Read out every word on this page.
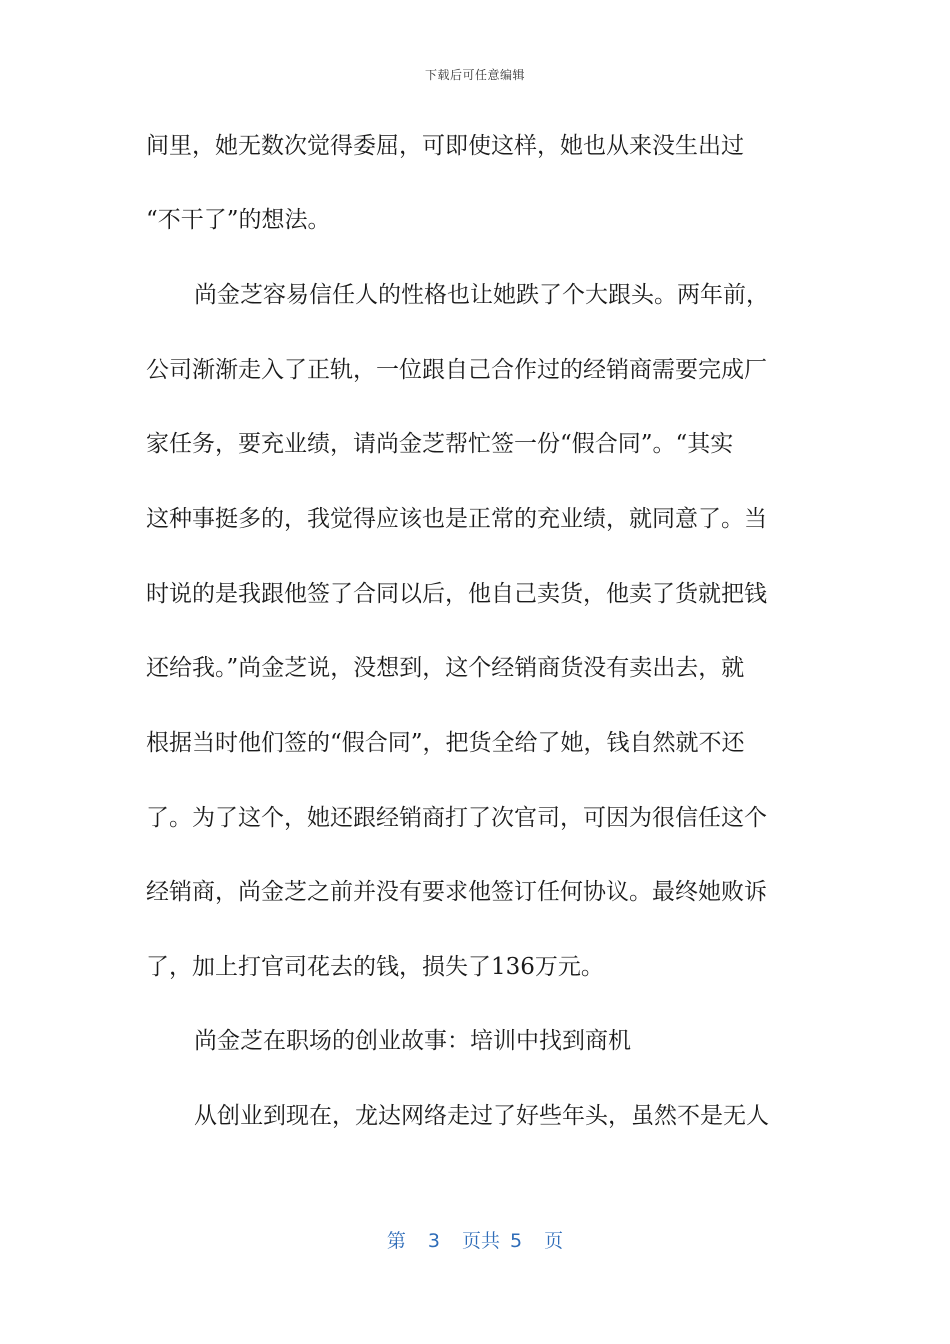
下载后可任意编辑
间里，她无数次觉得委屈，可即使这样，她也从来没生出过
“不干了”的想法。
尚金芝容易信任人的性格也让她跌了个大跟头。两年前，
公司渐渐走入了正轨，一位跟自己合作过的经销商需要完成厂
家任务，要充业绩，请尚金芝帮忙签一份“假合同”。“其实
这种事挺多的，我觉得应该也是正常的充业绩，就同意了。当
时说的是我跟他签了合同以后，他自己卖货，他卖了货就把钱
还给我。”尚金芝说，没想到，这个经销商货没有卖出去，就
根据当时他们签的“假合同”，把货全给了她，钱自然就不还
了。为了这个，她还跟经销商打了次官司，可因为很信任这个
经销商，尚金芝之前并没有要求他签订任何协议。最终她败诉
了，加上打官司花去的钱，损失了136万元。
尚金芝在职场的创业故事：培训中找到商机
从创业到现在，龙达网络走过了好些年头，虽然不是无人
第 3 页共 5 页
